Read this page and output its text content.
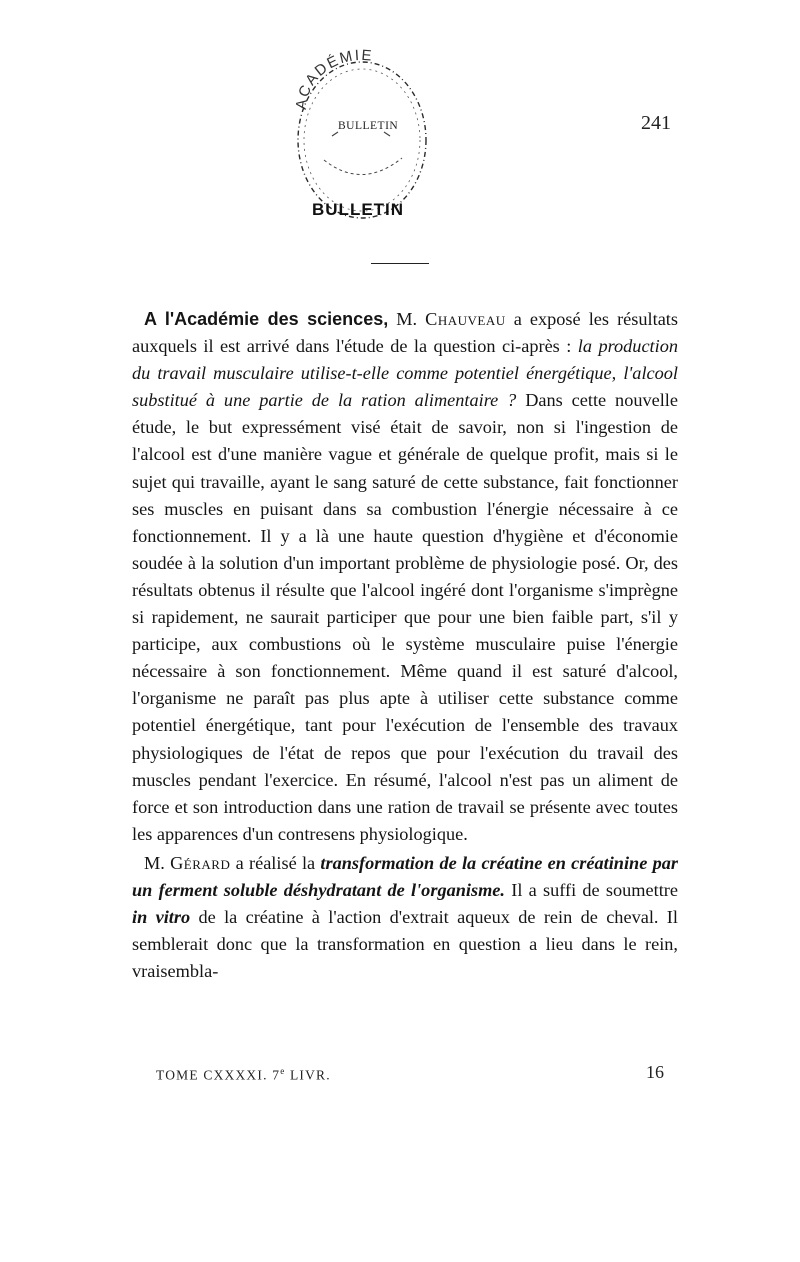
ACADÉMIE
BULLETIN
BULLETIN
241

A l'Académie des sciences, M. Chauveau a exposé les résultats auxquels il est arrivé dans l'étude de la question ci-après : la production du travail musculaire utilise-t-elle comme potentiel énergétique, l'alcool substitué à une partie de la ration alimentaire ? Dans cette nouvelle étude, le but expressément visé était de savoir, non si l'ingestion de l'alcool est d'une manière vague et générale de quelque profit, mais si le sujet qui travaille, ayant le sang saturé de cette substance, fait fonctionner ses muscles en puisant dans sa combustion l'énergie nécessaire à ce fonctionnement. Il y a là une haute question d'hygiène et d'économie soudée à la solution d'un important problème de physiologie posé. Or, des résultats obtenus il résulte que l'alcool ingéré dont l'organisme s'imprègne si rapidement, ne saurait participer que pour une bien faible part, s'il y participe, aux combustions où le système musculaire puise l'énergie nécessaire à son fonctionnement. Même quand il est saturé d'alcool, l'organisme ne paraît pas plus apte à utiliser cette substance comme potentiel énergétique, tant pour l'exécution de l'ensemble des travaux physiologiques de l'état de repos que pour l'exécution du travail des muscles pendant l'exercice. En résumé, l'alcool n'est pas un aliment de force et son introduction dans une ration de travail se présente avec toutes les apparences d'un contresens physiologique.

M. Gérard a réalisé la transformation de la créatine en créatinine par un ferment soluble déshydratant de l'organisme. Il a suffi de soumettre in vitro de la créatine à l'action d'extrait aqueux de rein de cheval. Il semblerait donc que la transformation en question a lieu dans le rein, vraisembla-

TOME CXXXXI. 7e LIVR.	16
